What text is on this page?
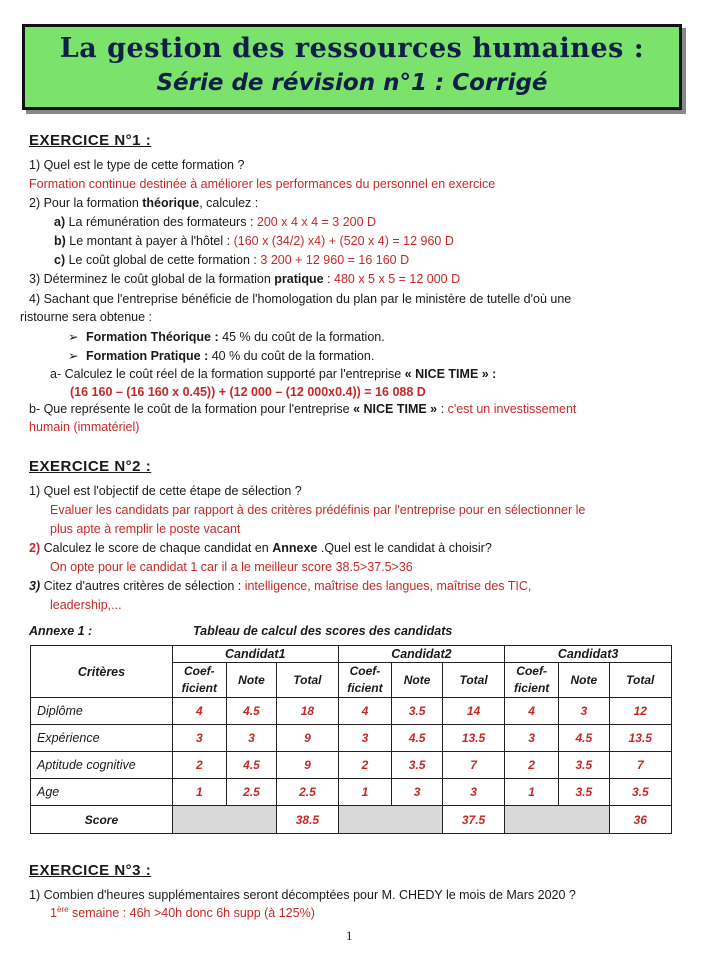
La gestion des ressources humaines :
Série de révision n°1 : Corrigé
EXERCICE N°1 :
1) Quel est le type de cette formation ?
Formation continue destinée à améliorer les performances du personnel en exercice
2) Pour la formation théorique, calculez :
a) La rémunération des formateurs : 200 x 4 x 4 = 3 200 D
b) Le montant à payer à l'hôtel : (160 x (34/2) x4) + (520 x 4) = 12 960 D
c) Le coût global de cette formation : 3 200 + 12 960 = 16 160 D
3) Déterminez le coût global de la formation pratique : 480 x 5 x 5 = 12 000 D
4) Sachant que l'entreprise bénéficie de l'homologation du plan par le ministère de tutelle d'où une
ristourne sera obtenue :
➢ Formation Théorique : 45 % du coût de la formation.
➢ Formation Pratique : 40 % du coût de la formation.
a- Calculez le coût réel de la formation supporté par l'entreprise « NICE TIME » :
(16 160 – (16 160 x 0.45)) + (12 000 – (12 000x0.4)) = 16 088 D
b- Que représente le coût de la formation pour l'entreprise « NICE TIME » : c'est un investissement
humain (immatériel)
EXERCICE N°2 :
1) Quel est l'objectif de cette étape de sélection ?
Evaluer les candidats par rapport à des critères prédéfinis par l'entreprise pour en sélectionner le
plus apte à remplir le poste vacant
2) Calculez le score de chaque candidat en Annexe .Quel est le candidat à choisir?
On opte pour le candidat 1 car il a le meilleur score 38.5>37.5>36
3) Citez d'autres critères de sélection : intelligence, maîtrise des langues, maîtrise des TIC,
leadership,...
Annexe 1 :	Tableau de calcul des scores des candidats
Critères	Candidat1			Candidat2			Candidat3		
	Coef-
ficient	Note	Total	Coef-
ficient	Note	Total	Coef-
ficient	Note	Total
Diplôme	4	4.5	18	4	3.5	14	4	3	12
Expérience	3	3	9	3	4.5	13.5	3	4.5	13.5
Aptitude cognitive	2	4.5	9	2	3.5	7	2	3.5	7
Age	1	2.5	2.5	1	3	3	1	3.5	3.5
Score			38.5			37.5			36
EXERCICE N°3 :
1) Combien d'heures supplémentaires seront décomptées pour M. CHEDY le mois de Mars 2020 ?
1ère semaine : 46h >40h donc 6h supp (à 125%)
1
